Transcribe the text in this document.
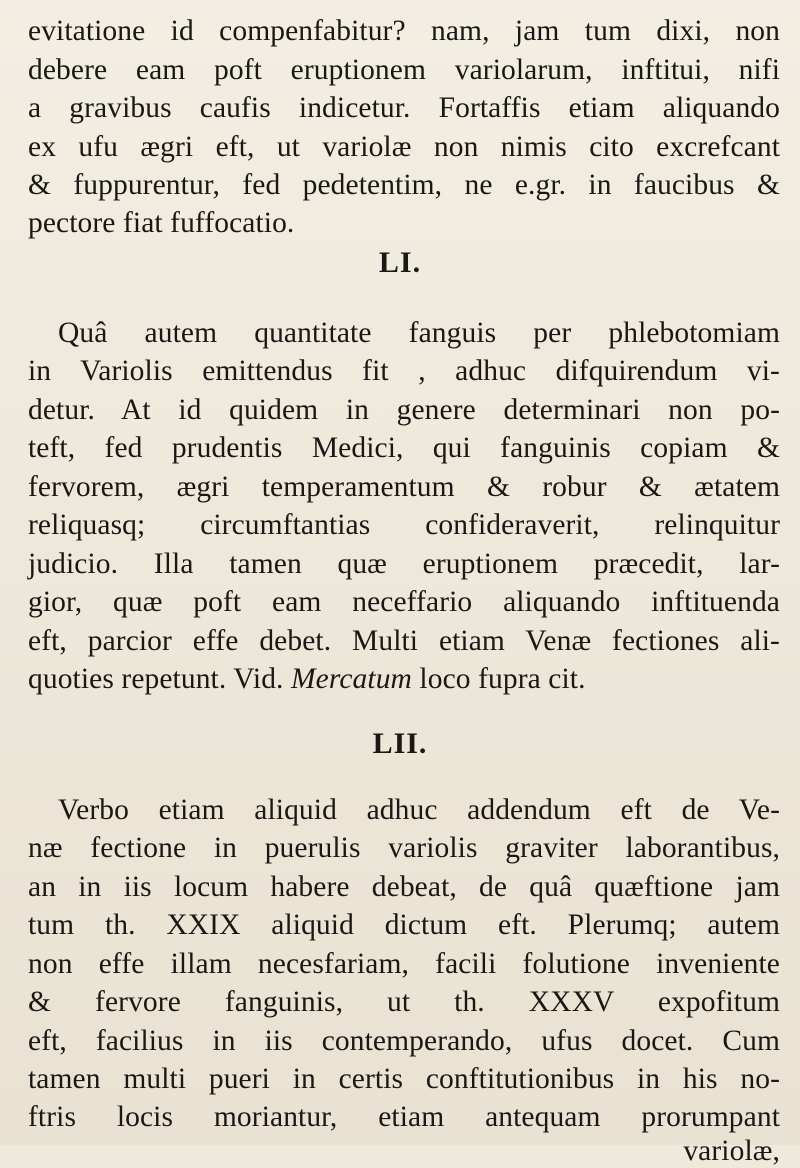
evitatione id compenfabitur? nam, jam tum dixi, non
debere eam poft eruptionem variolarum, inftitui, nifi
a gravibus caufis indicetur. Fortaffis etiam aliquando
ex ufu ægri eft, ut variolæ non nimis cito excrefcant
& fuppurentur, fed pedetentim, ne e.gr. in faucibus &
pectore fiat fuffocatio.
LI.
Quâ autem quantitate fanguis per phlebotomiam
in Variolis emittendus fit , adhuc difquirendum vi-
detur. At id quidem in genere determinari non po-
teft, fed prudentis Medici, qui fanguinis copiam &
fervorem, ægri temperamentum & robur & ætatem
reliquasq; circumftantias confideraverit, relinquitur
judicio. Illa tamen quæ eruptionem præcedit, lar-
gior, quæ poft eam neceffario aliquando inftituenda
eft, parcior effe debet. Multi etiam Venæ fectiones ali-
quoties repetunt. Vid. Mercatum loco fupra cit.
LII.
Verbo etiam aliquid adhuc addendum eft de Ve-
næ fectione in puerulis variolis graviter laborantibus,
an in iis locum habere debeat, de quâ quæftione jam
tum th. XXIX aliquid dictum eft. Plerumq; autem
non effe illam necesfariam, facili folutione inveniente
& fervore fanguinis, ut th. XXXV expofitum
eft, facilius in iis contemperando, ufus docet. Cum
tamen multi pueri in certis conftitutionibus in his no-
ftris locis moriantur, etiam antequam prorumpant
variolæ,
